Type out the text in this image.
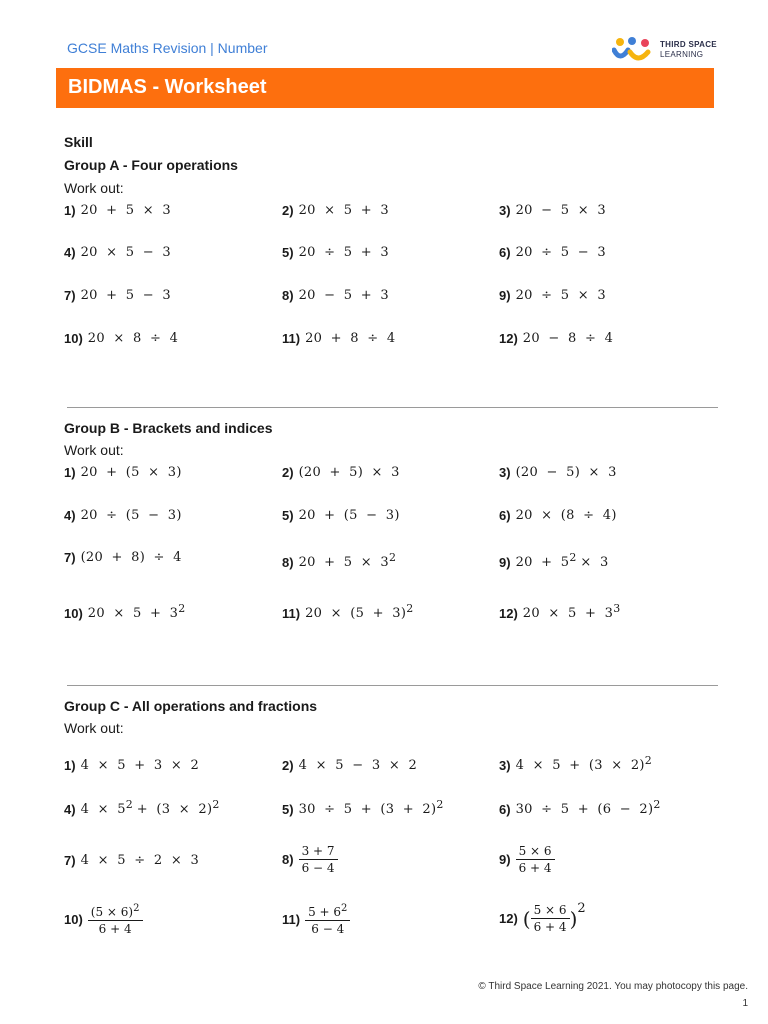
GCSE Maths Revision | Number	THIRD SPACE
LEARNING
BIDMAS - Worksheet
Skill
Group A - Four operations
Work out:
1) 20 + 5 × 3	2) 20 × 5 + 3	3) 20 − 5 × 3
4) 20 × 5 − 3	5) 20 ÷ 5 + 3	6) 20 ÷ 5 − 3
7) 20 + 5 − 3	8) 20 − 5 + 3	9) 20 ÷ 5 × 3
10) 20 × 8 ÷ 4	11) 20 + 8 ÷ 4	12) 20 − 8 ÷ 4
Group B - Brackets and indices
Work out:
1) 20 + (5 × 3)	2) (20 + 5) × 3	3) (20 − 5) × 3
4) 20 ÷ (5 − 3)	5) 20 + (5 − 3)	6) 20 × (8 ÷ 4)
7) (20 + 8) ÷ 4	8) 20 + 5 × 3 2	9) 20 + 5 2 × 3
10) 20 × 5 + 3 2	11) 20 × (5 + 3) 2	12) 20 × 5 + 3 3
Group C - All operations and fractions
Work out:
1) 4 × 5 + 3 × 2	2) 4 × 5 − 3 × 2	3) 4 × 5 + (3 × 2) 2
4) 4 × 5 2 + (3 × 2) 2	5) 30 ÷ 5 + (3 + 2) 2	6) 30 ÷ 5 + (6 − 2) 2
7) 4 × 5 ÷ 2 × 3	$8) \frac{3 + 7}{6 - 4}$	$9) \frac{5 \times 6}{6 + 4}$
$10) \frac{(5 \times 6)^2}{6 + 4}$	$11) \frac{5 + 6^2}{6 - 4}$	12) ( $\frac{5 \times 6}{6 + 4}$ ) 2
© Third Space Learning 2021. You may photocopy this page.
1
